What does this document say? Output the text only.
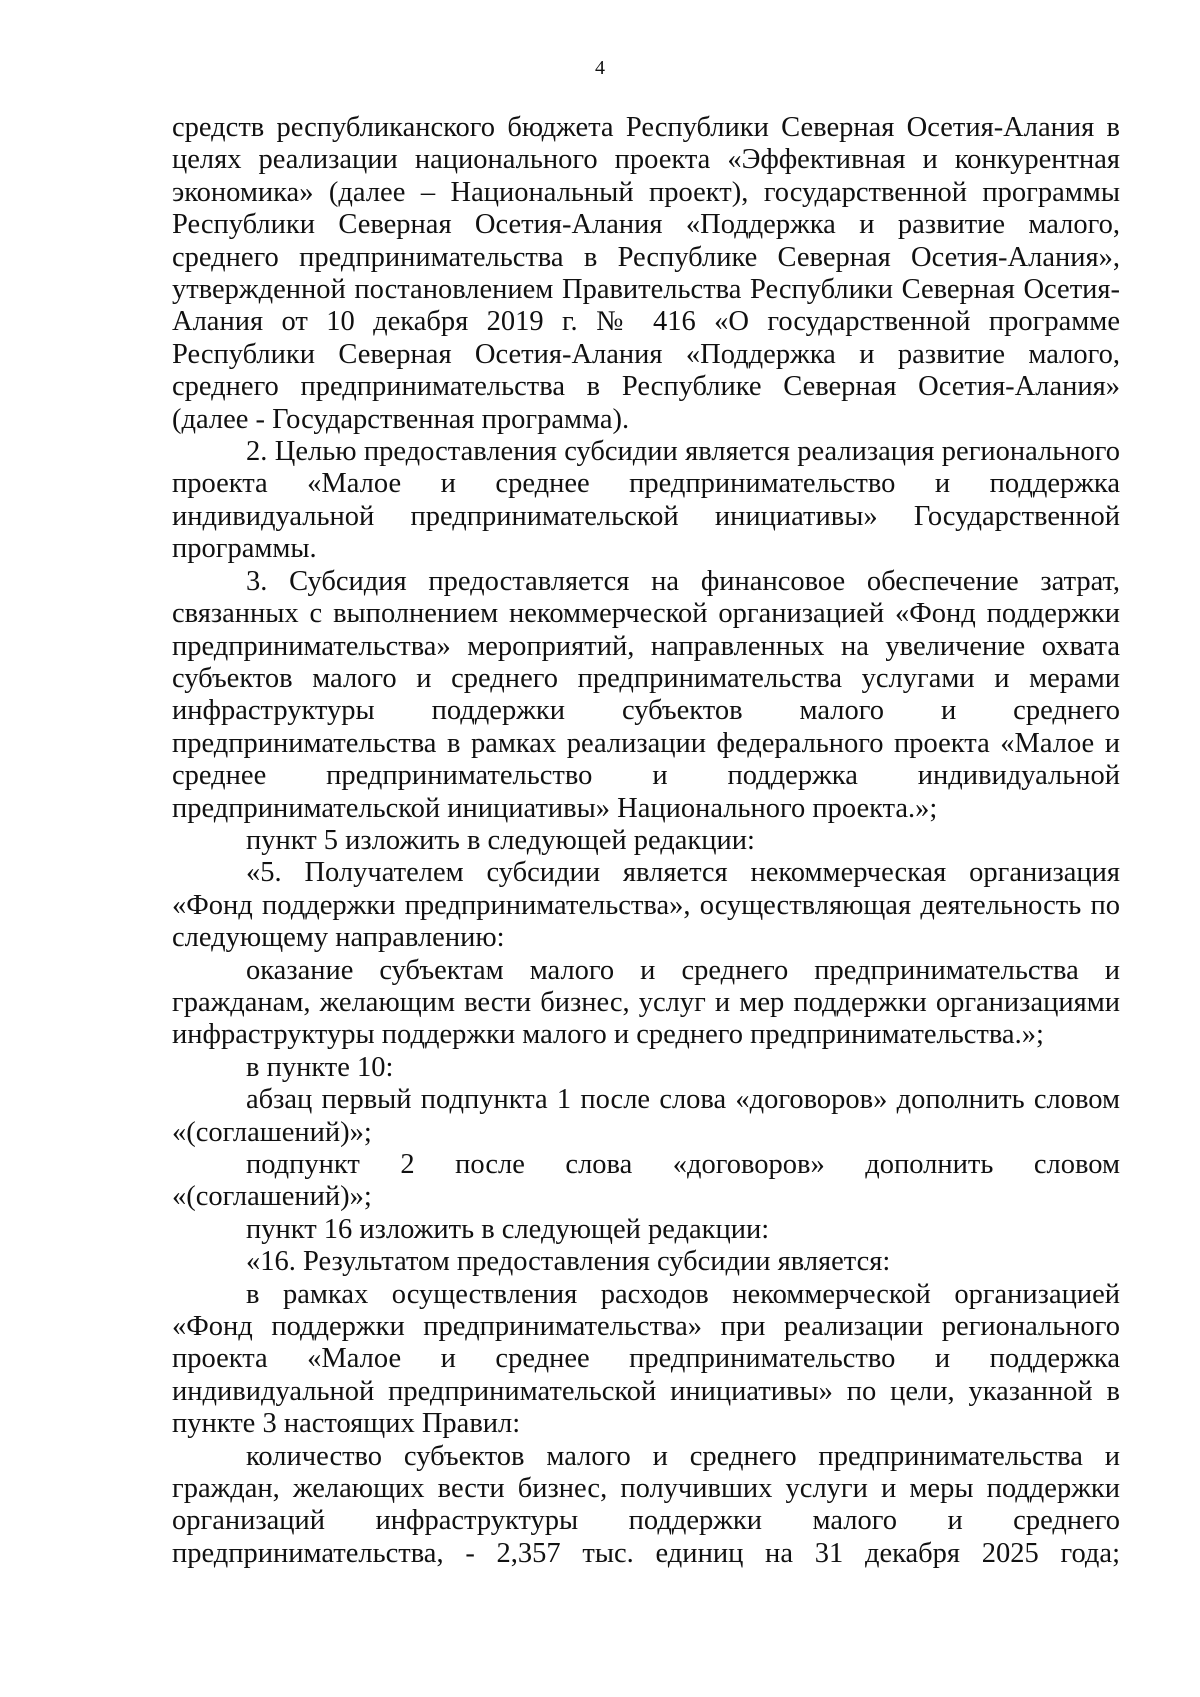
4

средств республиканского бюджета Республики Северная Осетия-Алания в целях реализации национального проекта «Эффективная и конкурентная экономика» (далее – Национальный проект), государственной программы Республики Северная Осетия-Алания «Поддержка и развитие малого, среднего предпринимательства в Республике Северная Осетия-Алания», утвержденной постановлением Правительства Республики Северная Осетия-Алания от 10 декабря 2019 г. № 416 «О государственной программе Республики Северная Осетия-Алания «Поддержка и развитие малого, среднего предпринимательства в Республике Северная Осетия-Алания» (далее - Государственная программа).

2. Целью предоставления субсидии является реализация регионального проекта «Малое и среднее предпринимательство и поддержка индивидуальной предпринимательской инициативы» Государственной программы.

3. Субсидия предоставляется на финансовое обеспечение затрат, связанных с выполнением некоммерческой организацией «Фонд поддержки предпринимательства» мероприятий, направленных на увеличение охвата субъектов малого и среднего предпринимательства услугами и мерами инфраструктуры поддержки субъектов малого и среднего предпринимательства в рамках реализации федерального проекта «Малое и среднее предпринимательство и поддержка индивидуальной предпринимательской инициативы» Национального проекта.»;

пункт 5 изложить в следующей редакции:

«5. Получателем субсидии является некоммерческая организация «Фонд поддержки предпринимательства», осуществляющая деятельность по следующему направлению:

оказание субъектам малого и среднего предпринимательства и гражданам, желающим вести бизнес, услуг и мер поддержки организациями инфраструктуры поддержки малого и среднего предпринимательства.»;

в пункте 10:

абзац первый подпункта 1 после слова «договоров» дополнить словом «(соглашений)»;

подпункт 2 после слова «договоров» дополнить словом «(соглашений)»;

пункт 16 изложить в следующей редакции:

«16. Результатом предоставления субсидии является:

в рамках осуществления расходов некоммерческой организацией «Фонд поддержки предпринимательства» при реализации регионального проекта «Малое и среднее предпринимательство и поддержка индивидуальной предпринимательской инициативы» по цели, указанной в пункте 3 настоящих Правил:

количество субъектов малого и среднего предпринимательства и граждан, желающих вести бизнес, получивших услуги и меры поддержки организаций инфраструктуры поддержки малого и среднего предпринимательства, - 2,357 тыс. единиц на 31 декабря 2025 года;
